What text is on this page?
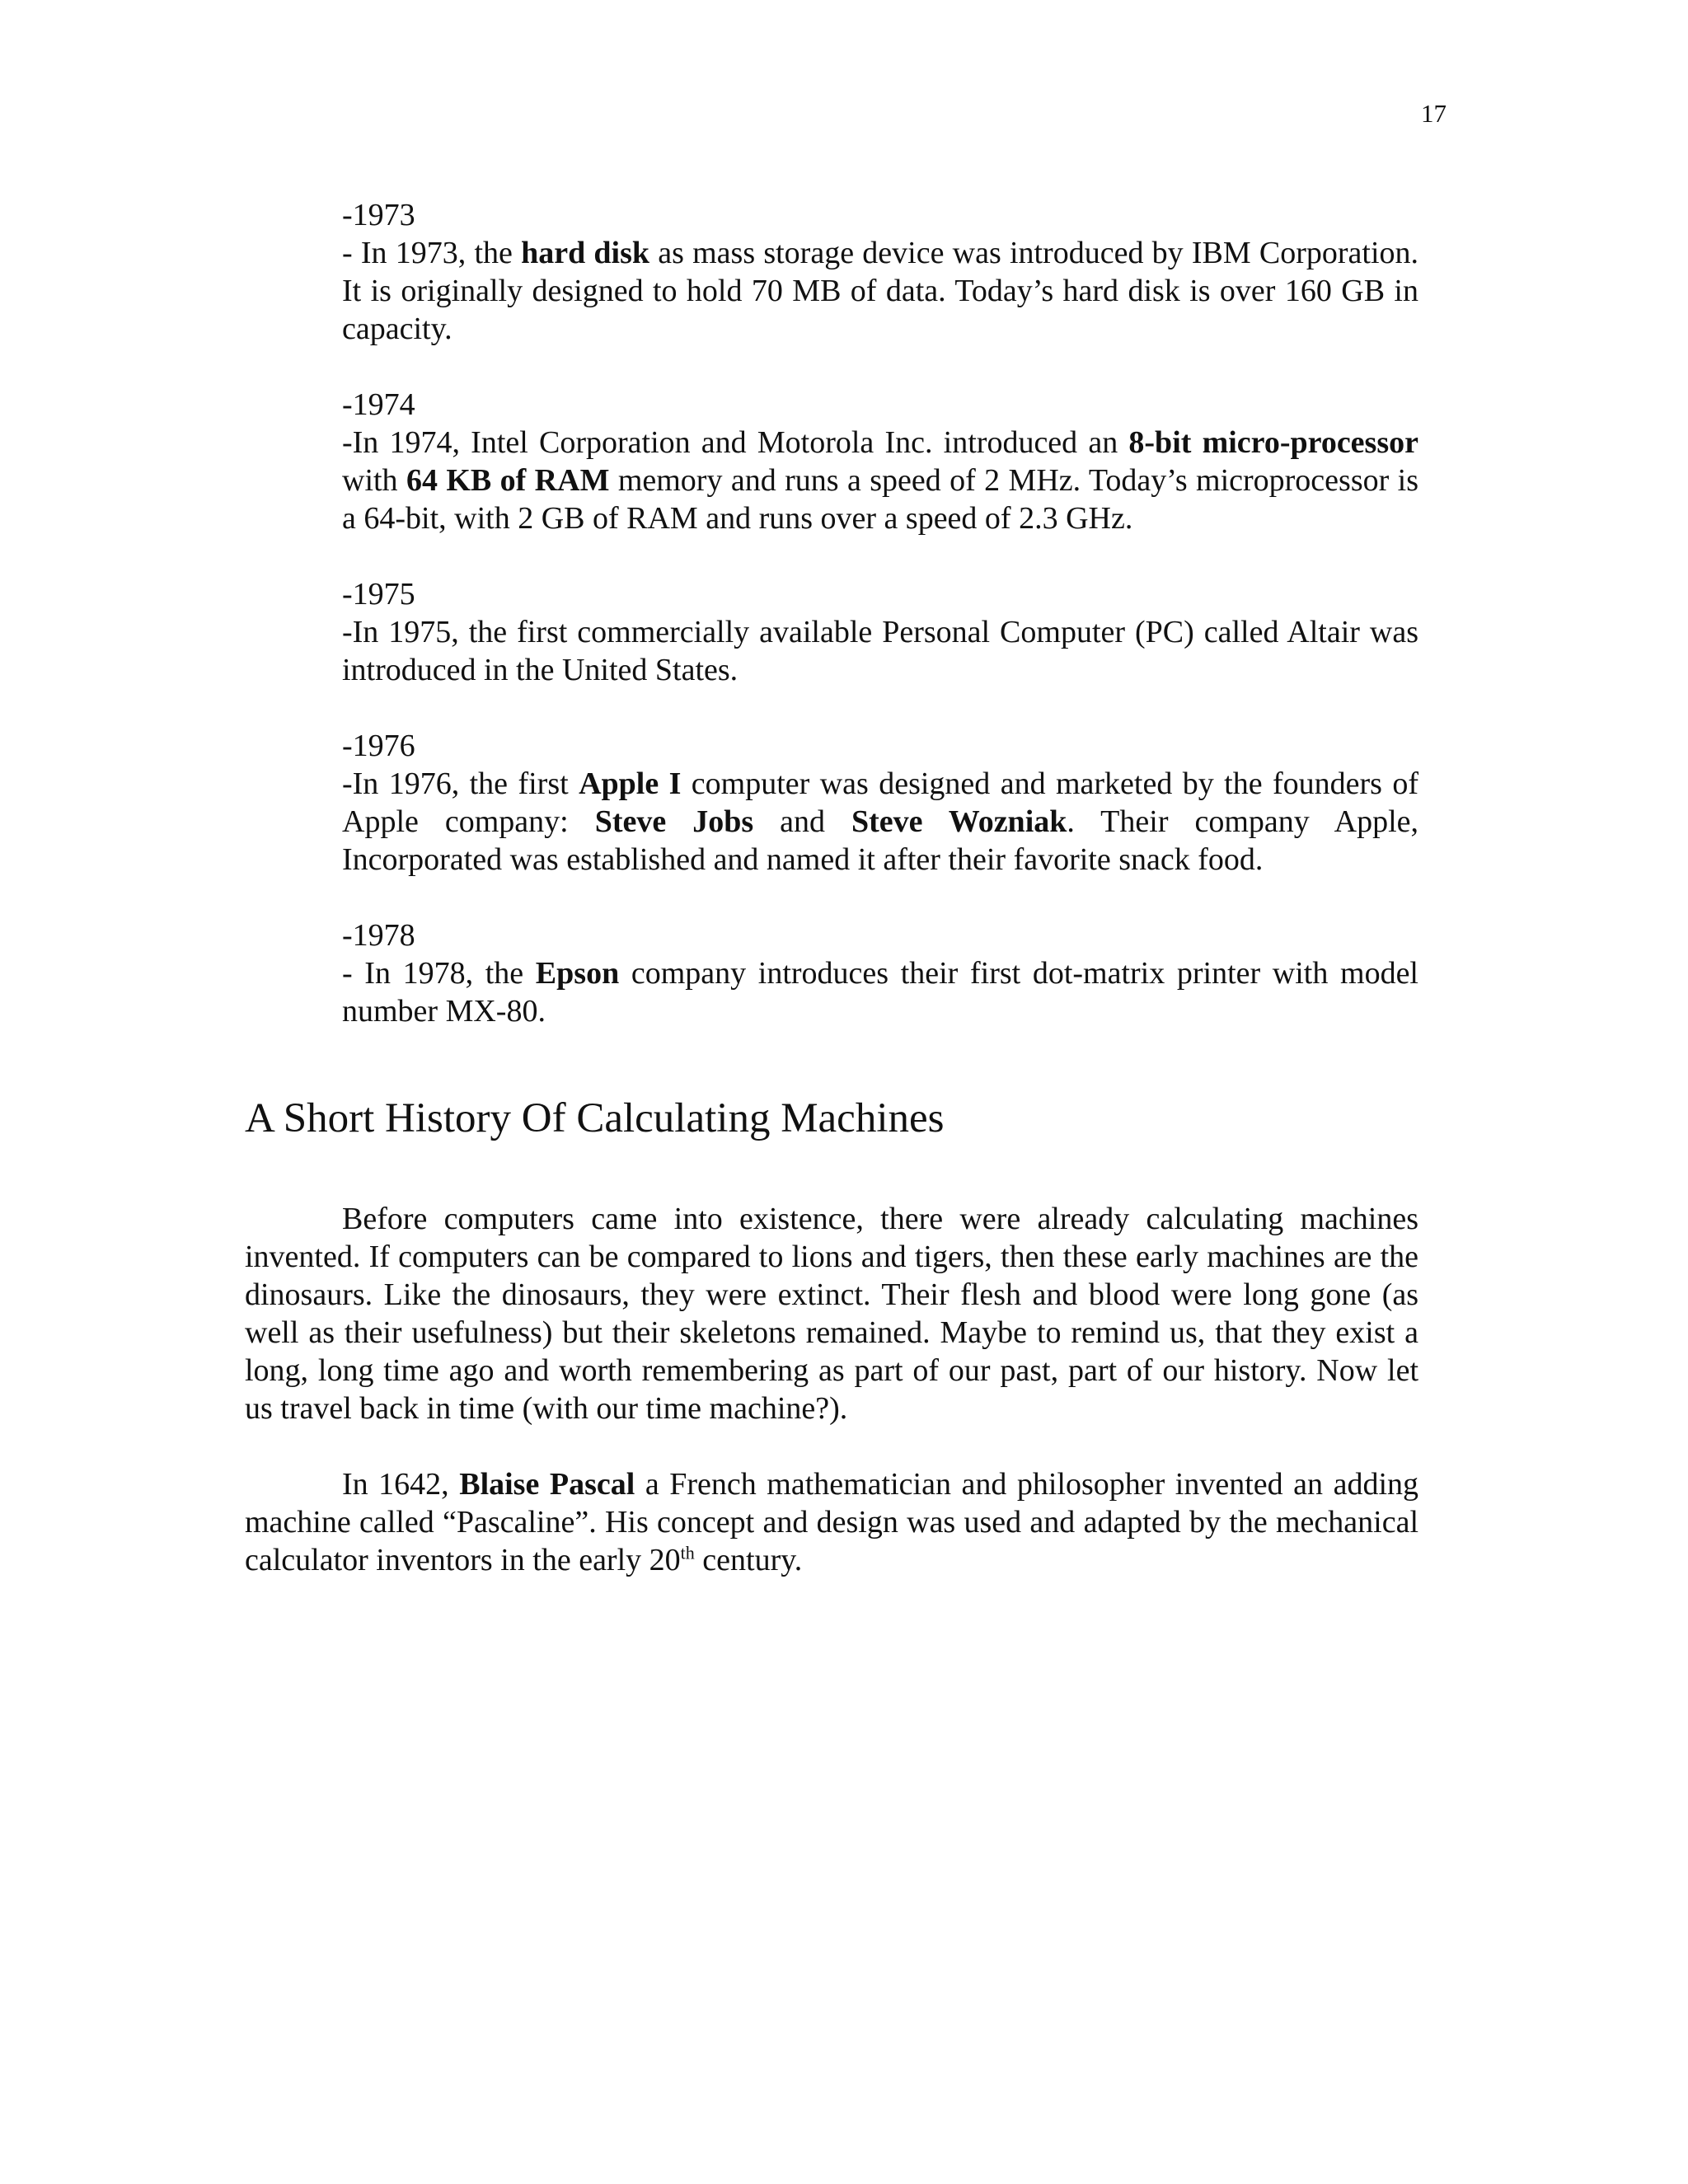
17
-1973
- In 1973, the hard disk as mass storage device was introduced by IBM Corporation. It is originally designed to hold 70 MB of data. Today’s hard disk is over 160 GB in capacity.
-1974
-In 1974, Intel Corporation and Motorola Inc. introduced an 8-bit micro-processor with 64 KB of RAM memory and runs a speed of 2 MHz. Today’s microprocessor is a 64-bit, with 2 GB of RAM and runs over a speed of 2.3 GHz.
-1975
-In 1975, the first commercially available Personal Computer (PC) called Altair was introduced in the United States.
-1976
-In 1976, the first Apple I computer was designed and marketed by the founders of Apple company: Steve Jobs and Steve Wozniak. Their company Apple, Incorporated was established and named it after their favorite snack food.
-1978
- In 1978, the Epson company introduces their first dot-matrix printer with model number MX-80.
A Short History Of Calculating Machines

Before computers came into existence, there were already calculating machines invented. If computers can be compared to lions and tigers, then these early machines are the dinosaurs. Like the dinosaurs, they were extinct. Their flesh and blood were long gone (as well as their usefulness) but their skeletons remained. Maybe to remind us, that they exist a long, long time ago and worth remembering as part of our past, part of our history. Now let us travel back in time (with our time machine?).

In 1642, Blaise Pascal a French mathematician and philosopher invented an adding machine called “Pascaline”. His concept and design was used and adapted by the mechanical calculator inventors in the early 20th century.
